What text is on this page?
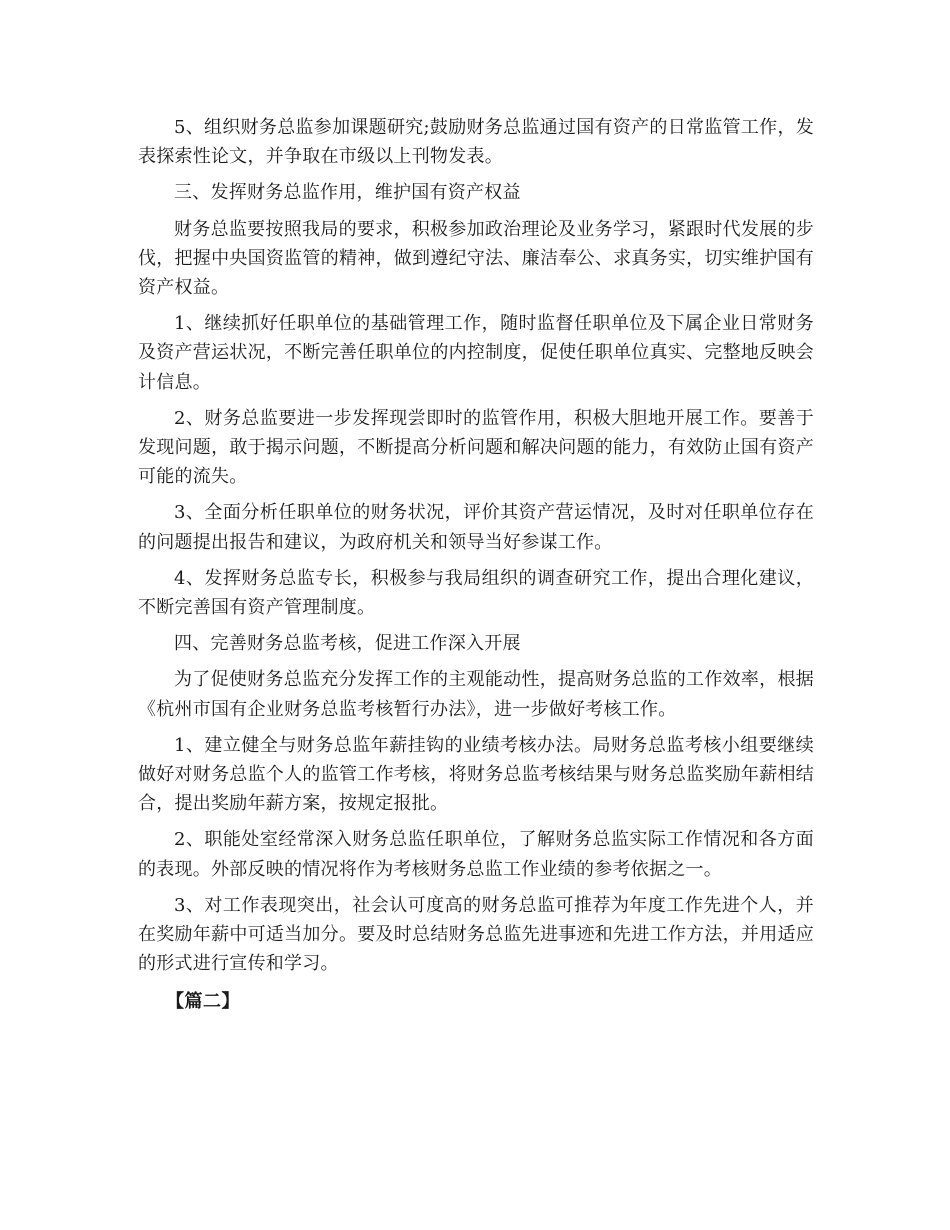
5、组织财务总监参加课题研究;鼓励财务总监通过国有资产的日常监管工作，发表探索性论文，并争取在市级以上刊物发表。

三、发挥财务总监作用，维护国有资产权益

财务总监要按照我局的要求，积极参加政治理论及业务学习，紧跟时代发展的步伐，把握中央国资监管的精神，做到遵纪守法、廉洁奉公、求真务实，切实维护国有资产权益。

1、继续抓好任职单位的基础管理工作，随时监督任职单位及下属企业日常财务及资产营运状况，不断完善任职单位的内控制度，促使任职单位真实、完整地反映会计信息。

2、财务总监要进一步发挥现尝即时的监管作用，积极大胆地开展工作。要善于发现问题，敢于揭示问题，不断提高分析问题和解决问题的能力，有效防止国有资产可能的流失。

3、全面分析任职单位的财务状况，评价其资产营运情况，及时对任职单位存在的问题提出报告和建议，为政府机关和领导当好参谋工作。

4、发挥财务总监专长，积极参与我局组织的调查研究工作，提出合理化建议，不断完善国有资产管理制度。

四、完善财务总监考核，促进工作深入开展

为了促使财务总监充分发挥工作的主观能动性，提高财务总监的工作效率，根据《杭州市国有企业财务总监考核暂行办法》，进一步做好考核工作。

1、建立健全与财务总监年薪挂钩的业绩考核办法。局财务总监考核小组要继续做好对财务总监个人的监管工作考核，将财务总监考核结果与财务总监奖励年薪相结合，提出奖励年薪方案，按规定报批。

2、职能处室经常深入财务总监任职单位，了解财务总监实际工作情况和各方面的表现。外部反映的情况将作为考核财务总监工作业绩的参考依据之一。

3、对工作表现突出，社会认可度高的财务总监可推荐为年度工作先进个人，并在奖励年薪中可适当加分。要及时总结财务总监先进事迹和先进工作方法，并用适应的形式进行宣传和学习。

【篇二】
